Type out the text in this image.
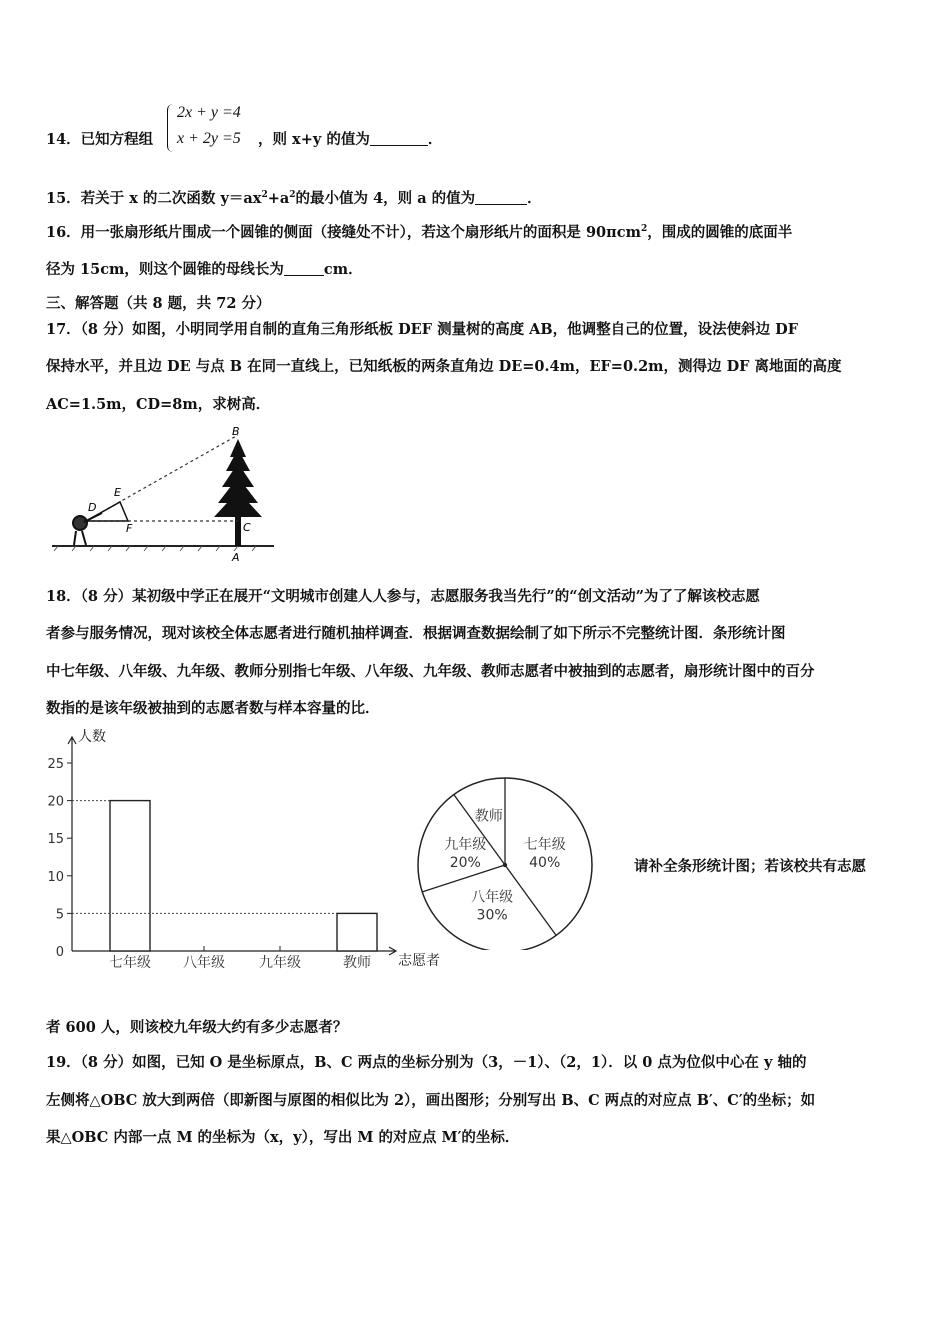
14．已知方程组
2x + y =4
x + 2y =5 ，则 x+y 的值为	．
15．若关于 x 的二次函数 $y=ax^2+a^2$的最小值为 4，则 a 的值为	．
16．用一张扇形纸片围成一个圆锥的侧面（接缝处不计），若这个扇形纸片的面积是 90πcm$^2$，围成的圆锥的底面半
径为 15cm，则这个圆锥的母线长为	cm．
三、解答题（共 8 题，共 72 分）
17．（8 分）如图，小明同学用自制的直角三角形纸板 DEF 测量树的高度 AB，他调整自己的位置，设法使斜边 DF
保持水平，并且边 DE 与点 B 在同一直线上，已知纸板的两条直角边 DE=0.4m，EF=0.2m，测得边 DF 离地面的高度
AC=1.5m，CD=8m，求树高．
B
E
D
F	C
A
18．（8 分）某初级中学正在展开“文明城市创建人人参与，志愿服务我当先行”的“创文活动”为了了解该校志愿
者参与服务情况，现对该校全体志愿者进行随机抽样调查．根据调查数据绘制了如下所示不完整统计图．条形统计图
中七年级、八年级、九年级、教师分别指七年级、八年级、九年级、教师志愿者中被抽到的志愿者，扇形统计图中的百分
数指的是该年级被抽到的志愿者数与样本容量的比．
人数
志愿者
0
5
10
15
20
25
七年级 八年级 九年级	教师
七年级
40%
八年级
30%
九年级
20%
教师
请补全条形统计图；若该校共有志愿
者 600 人，则该校九年级大约有多少志愿者？
19．（8 分）如图，已知 O 是坐标原点，B、C 两点的坐标分别为（3，－1）、（2，1）．以 0 点为位似中心在 y 轴的
左侧将△OBC 放大到两倍（即新图与原图的相似比为 2），画出图形；分别写出 B、C 两点的对应点 B′、C′的坐标；如
果△OBC 内部一点 M 的坐标为（x，y），写出 M 的对应点 M′的坐标．
